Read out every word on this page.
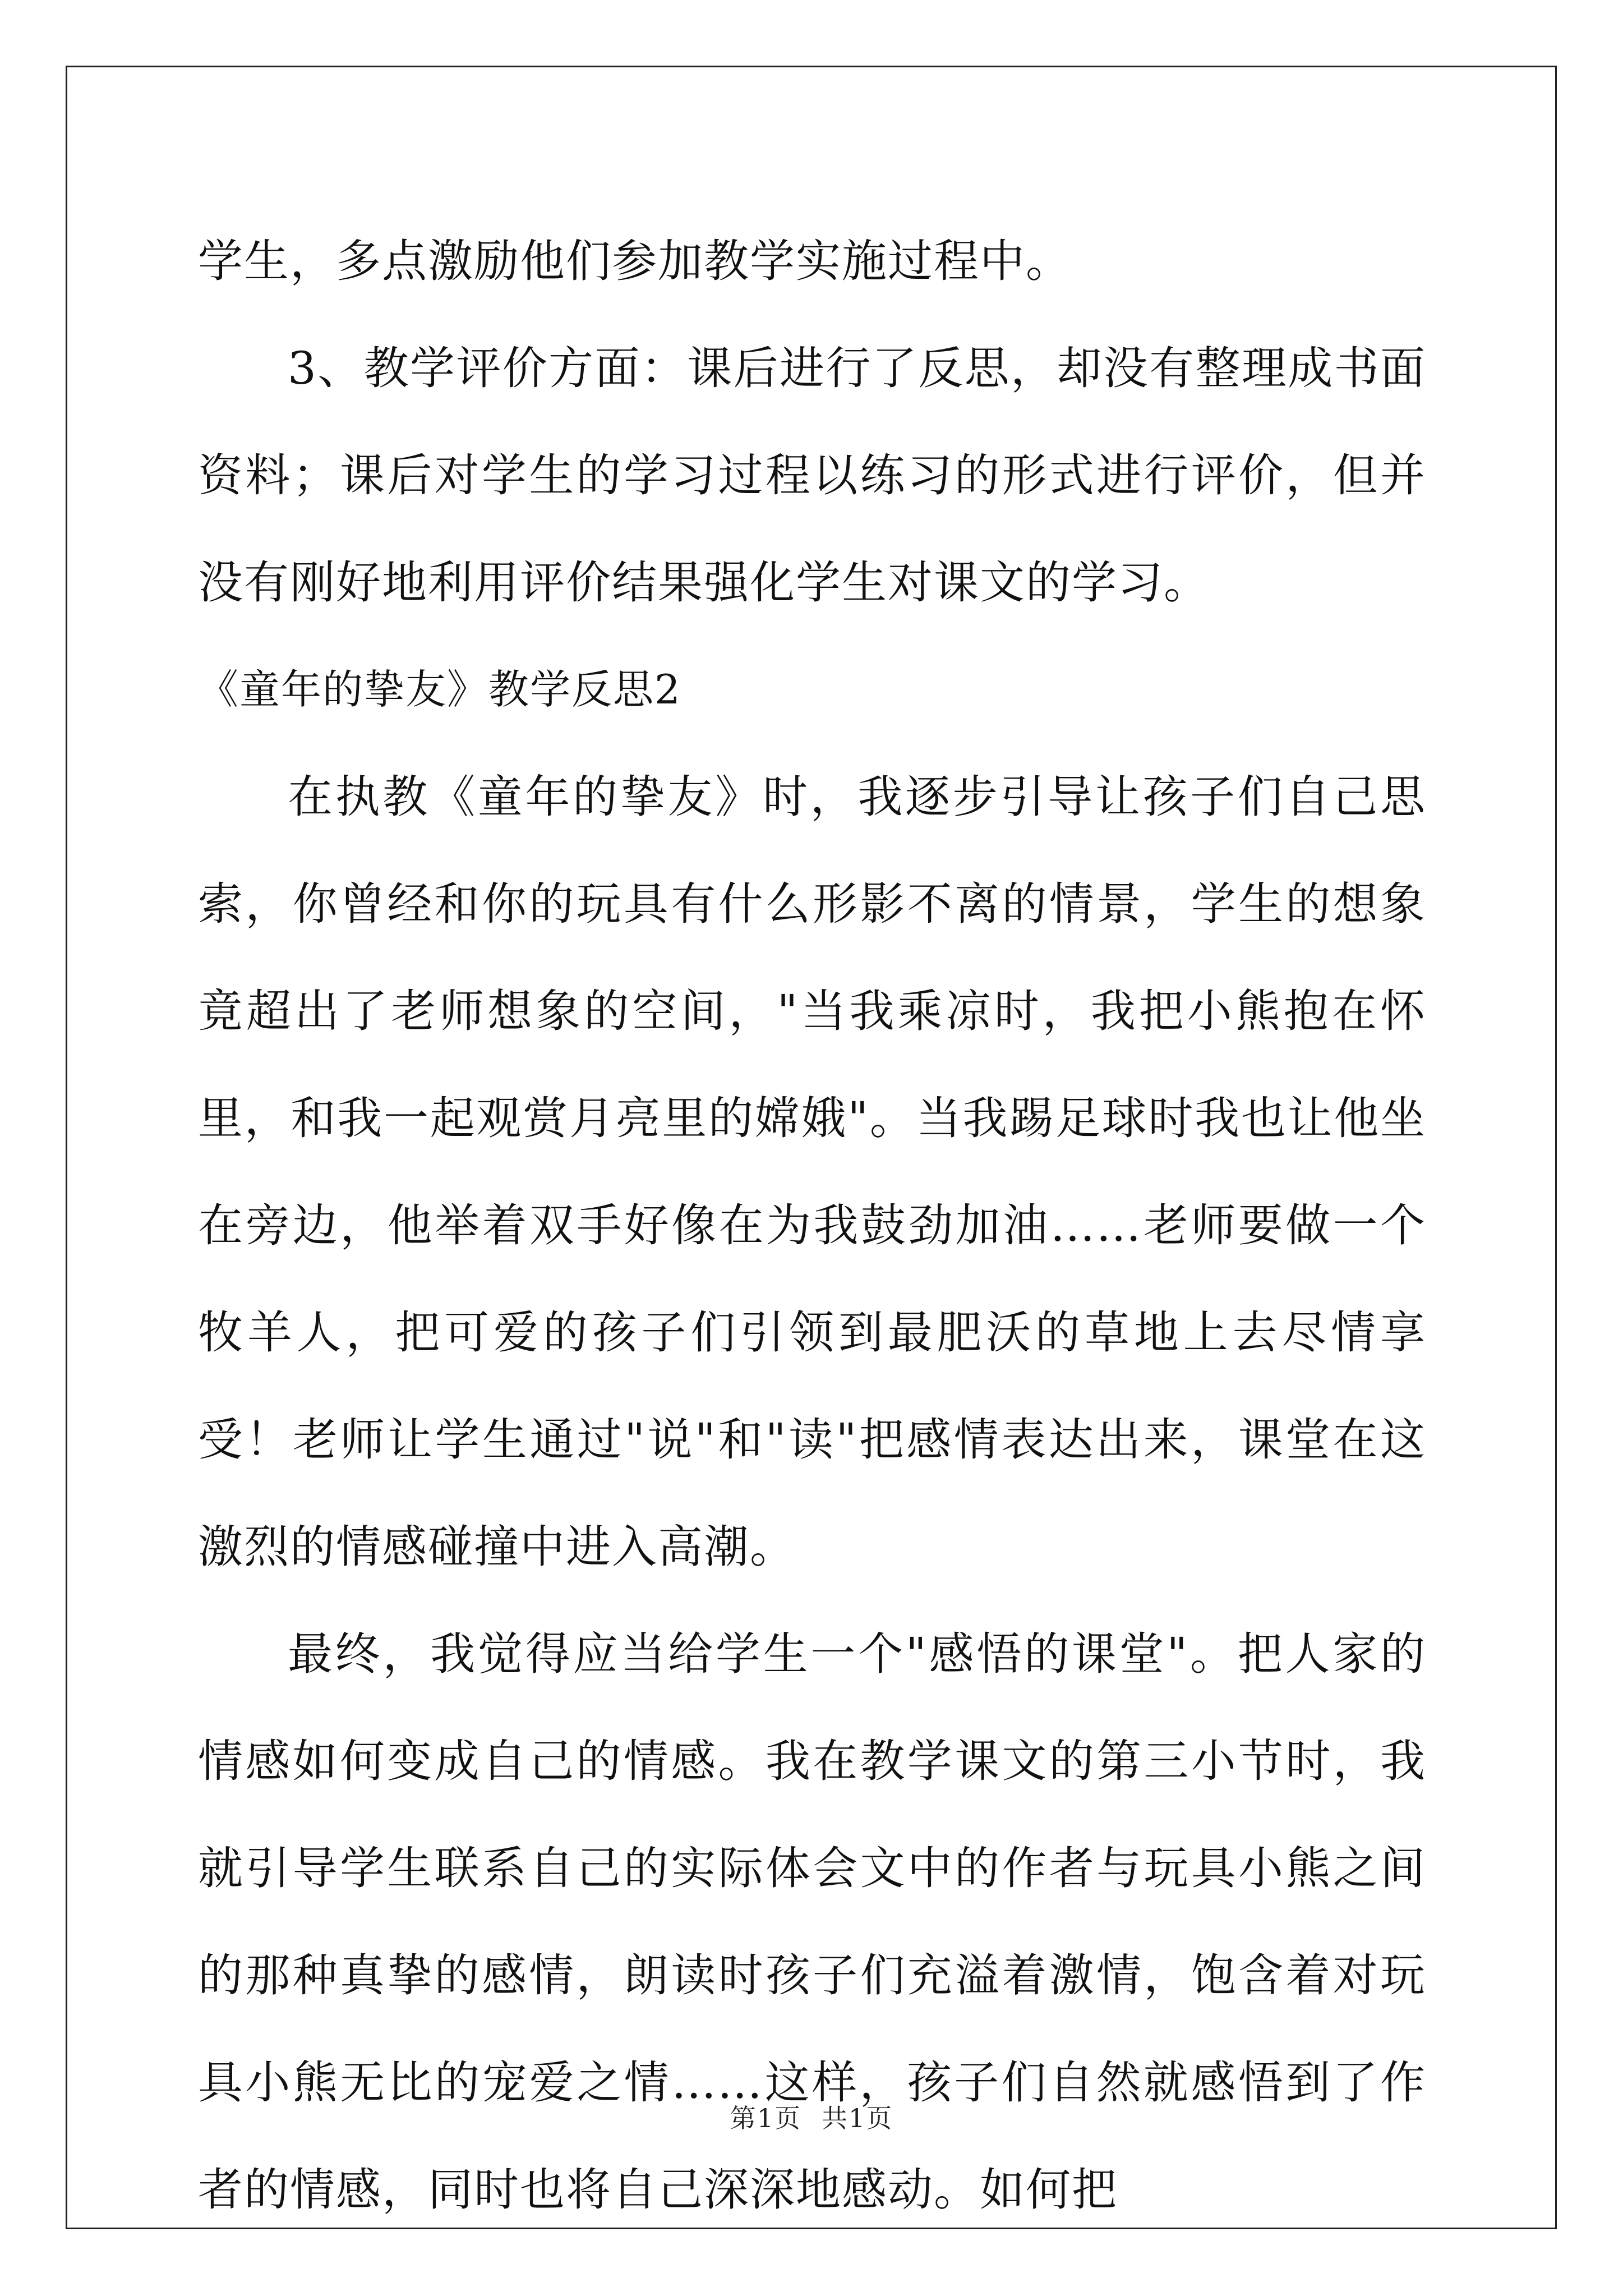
学生，多点激励他们参加教学实施过程中。

3、教学评价方面：课后进行了反思，却没有整理成书面资料；课后对学生的学习过程以练习的形式进行评价，但并没有刚好地利用评价结果强化学生对课文的学习。

《童年的挚友》教学反思2

在执教《童年的挚友》时，我逐步引导让孩子们自己思索，你曾经和你的玩具有什么形影不离的情景，学生的想象竟超出了老师想象的空间，"当我乘凉时，我把小熊抱在怀里，和我一起观赏月亮里的嫦娥"。当我踢足球时我也让他坐在旁边，他举着双手好像在为我鼓劲加油……老师要做一个牧羊人，把可爱的孩子们引领到最肥沃的草地上去尽情享受！老师让学生通过"说"和"读"把感情表达出来，课堂在这激烈的情感碰撞中进入高潮。

最终，我觉得应当给学生一个"感悟的课堂"。把人家的情感如何变成自己的情感。我在教学课文的第三小节时，我就引导学生联系自己的实际体会文中的作者与玩具小熊之间的那种真挚的感情，朗读时孩子们充溢着激情，饱含着对玩具小熊无比的宠爱之情……这样，孩子们自然就感悟到了作者的情感，同时也将自己深深地感动。如何把

第1页 共1页
